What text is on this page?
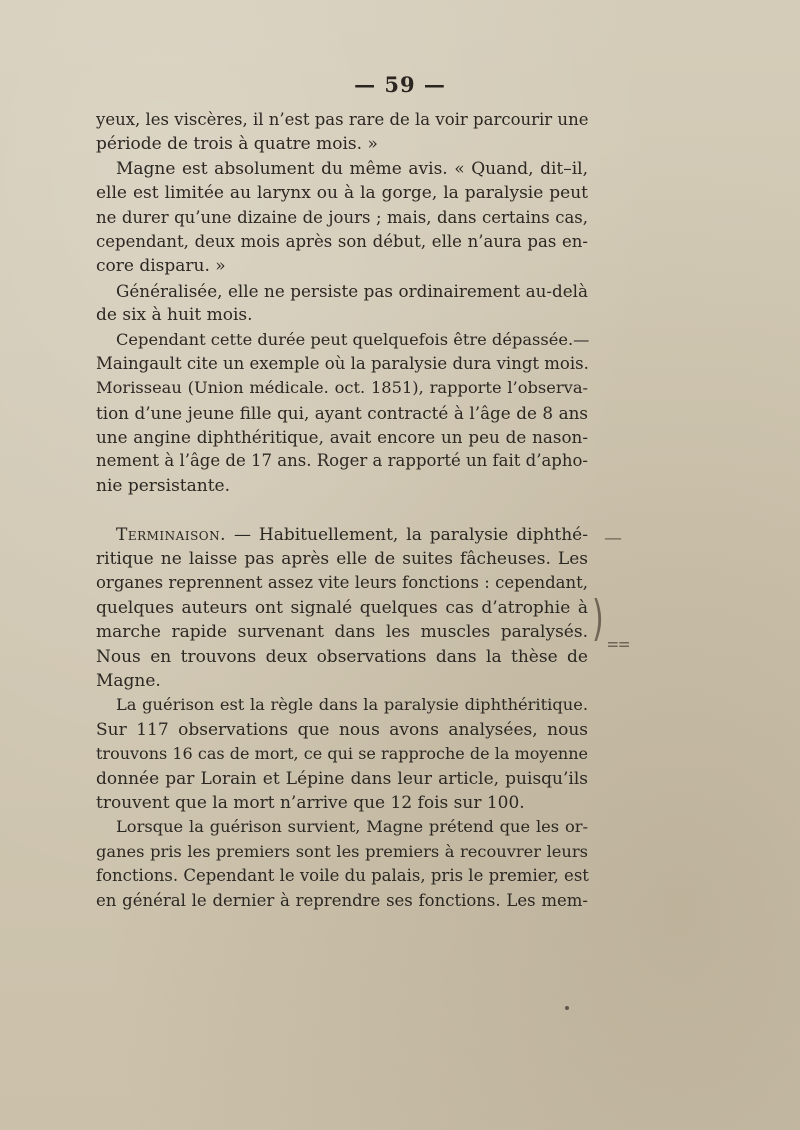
— 59 —
yeux, les viscères, il n’est pas rare de la voir parcourir une
période de trois à quatre mois. »
Magne est absolument du même avis. « Quand, dit–il,
elle est limitée au larynx ou à la gorge, la paralysie peut
ne durer qu’une dizaine de jours ; mais, dans certains cas,
cependant, deux mois après son début, elle n’aura pas en-
core disparu. »
Généralisée, elle ne persiste pas ordinairement au-delà
de six à huit mois.
Cependant cette durée peut quelquefois être dépassée.—
Maingault cite un exemple où la paralysie dura vingt mois.
Morisseau (Union médicale. oct. 1851), rapporte l’observa-
tion d’une jeune fille qui, ayant contracté à l’âge de 8 ans
une angine diphthéritique, avait encore un peu de nason-
nement à l’âge de 17 ans. Roger a rapporté un fait d’apho-
nie persistante.
Terminaison. — Habituellement, la paralysie diphthé-
ritique ne laisse pas après elle de suites fâcheuses. Les
organes reprennent assez vite leurs fonctions : cependant,
quelques auteurs ont signalé quelques cas d’atrophie à
marche rapide survenant dans les muscles paralysés.
Nous en trouvons deux observations dans la thèse de
Magne.
La guérison est la règle dans la paralysie diphthéritique.
Sur 117 observations que nous avons analysées, nous
trouvons 16 cas de mort, ce qui se rapproche de la moyenne
donnée par Lorain et Lépine dans leur article, puisqu’ils
trouvent que la mort n’arrive que 12 fois sur 100.
Lorsque la guérison survient, Magne prétend que les or-
ganes pris les premiers sont les premiers à recouvrer leurs
fonctions. Cependant le voile du palais, pris le premier, est
en général le dernier à reprendre ses fonctions. Les mem-
—
) ⩵
